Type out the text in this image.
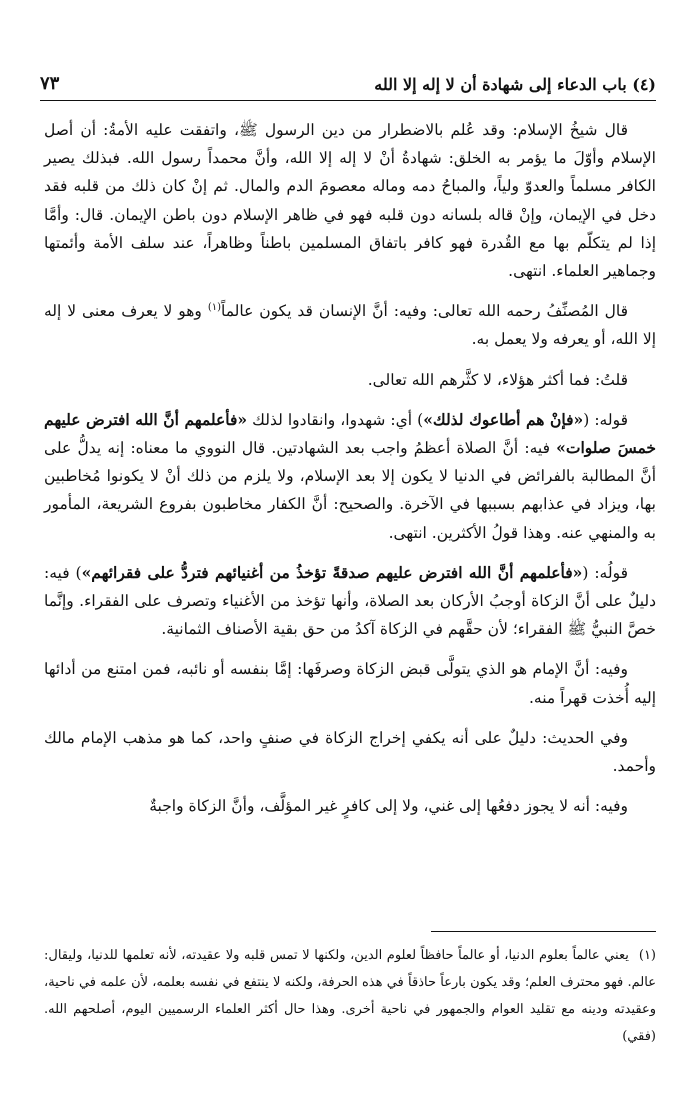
(٤) باب الدعاء إلى شهادة أن لا إله إلا الله
٧٣

قال شيخُ الإسلام: وقد عُلم بالاضطرار من دين الرسول ﷺ، واتفقت عليه الأمةُ: أن أصل الإسلام وأوّلَ ما يؤمر به الخلق: شهادةُ أنْ لا إله إلا الله، وأنَّ محمداً رسول الله. فبذلك يصير الكافر مسلماً والعدوّ ولياً، والمباحُ دمه وماله معصومَ الدم والمال. ثم إنْ كان ذلك من قلبه فقد دخل في الإيمان، وإنْ قاله بلسانه دون قلبه فهو في ظاهر الإسلام دون باطن الإيمان. قال: وأمَّا إذا لم يتكلّم بها مع القُدرة فهو كافر باتفاق المسلمين باطناً وظاهراً، عند سلف الأمة وأئمتها وجماهير العلماء. انتهى.

قال المُصنِّفُ رحمه الله تعالى: وفيه: أنَّ الإنسان قد يكون عالماً$^{(١)}$ وهو لا يعرف معنى لا إله إلا الله، أو يعرفه ولا يعمل به.

قلتُ: فما أكثر هؤلاء، لا كثَّرهم الله تعالى.

قوله: («فإنْ هم أطاعوك لذلك») أي: شهدوا، وانقادوا لذلك «فأعلمهم أنَّ الله افترض عليهم خمسَ صلوات» فيه: أنَّ الصلاة أعظمُ واجب بعد الشهادتين. قال النووي ما معناه: إنه يدلُّ على أنَّ المطالبة بالفرائض في الدنيا لا يكون إلا بعد الإسلام، ولا يلزم من ذلك أنْ لا يكونوا مُخاطبين بها، ويزاد في عذابهم بسببها في الآخرة. والصحيح: أنَّ الكفار مخاطبون بفروع الشريعة، المأمور به والمنهي عنه. وهذا قولُ الأكثرين. انتهى.

قولُه: («فأعلمهم أنَّ الله افترض عليهم صدقةً تؤخذُ من أغنيائهم فتردُّ على فقرائهم») فيه: دليلٌ على أنَّ الزكاة أوجبُ الأركان بعد الصلاة، وأنها تؤخذ من الأغنياء وتصرف على الفقراء. وإنَّما خصَّ النبيُّ ﷺ الفقراء؛ لأن حقَّهم في الزكاة آكدُ من حق بقية الأصناف الثمانية.

وفيه: أنَّ الإمام هو الذي يتولَّى قبض الزكاة وصرفَها: إمَّا بنفسه أو نائبه، فمن امتنع من أدائها إليه أُخذت قهراً منه.

وفي الحديث: دليلٌ على أنه يكفي إخراج الزكاة في صنفٍ واحد، كما هو مذهب الإمام مالك وأحمد.

وفيه: أنه لا يجوز دفعُها إلى غني، ولا إلى كافرٍ غير المؤلَّف، وأنَّ الزكاة واجبةٌ

(١)يعني عالماً بعلوم الدنيا، أو عالماً حافظاً لعلوم الدين، ولكنها لا تمس قلبه ولا عقيدته، لأنه تعلمها للدنيا، وليقال: عالم. فهو محترف العلم؛ وقد يكون بارعاً حاذقاً في هذه الحرفة، ولكنه لا ينتفع في نفسه بعلمه، لأن علمه في ناحية، وعقيدته ودينه مع تقليد العوام والجمهور في ناحية أخرى. وهذا حال أكثر العلماء الرسميين اليوم، أصلحهم الله. (فقي)
